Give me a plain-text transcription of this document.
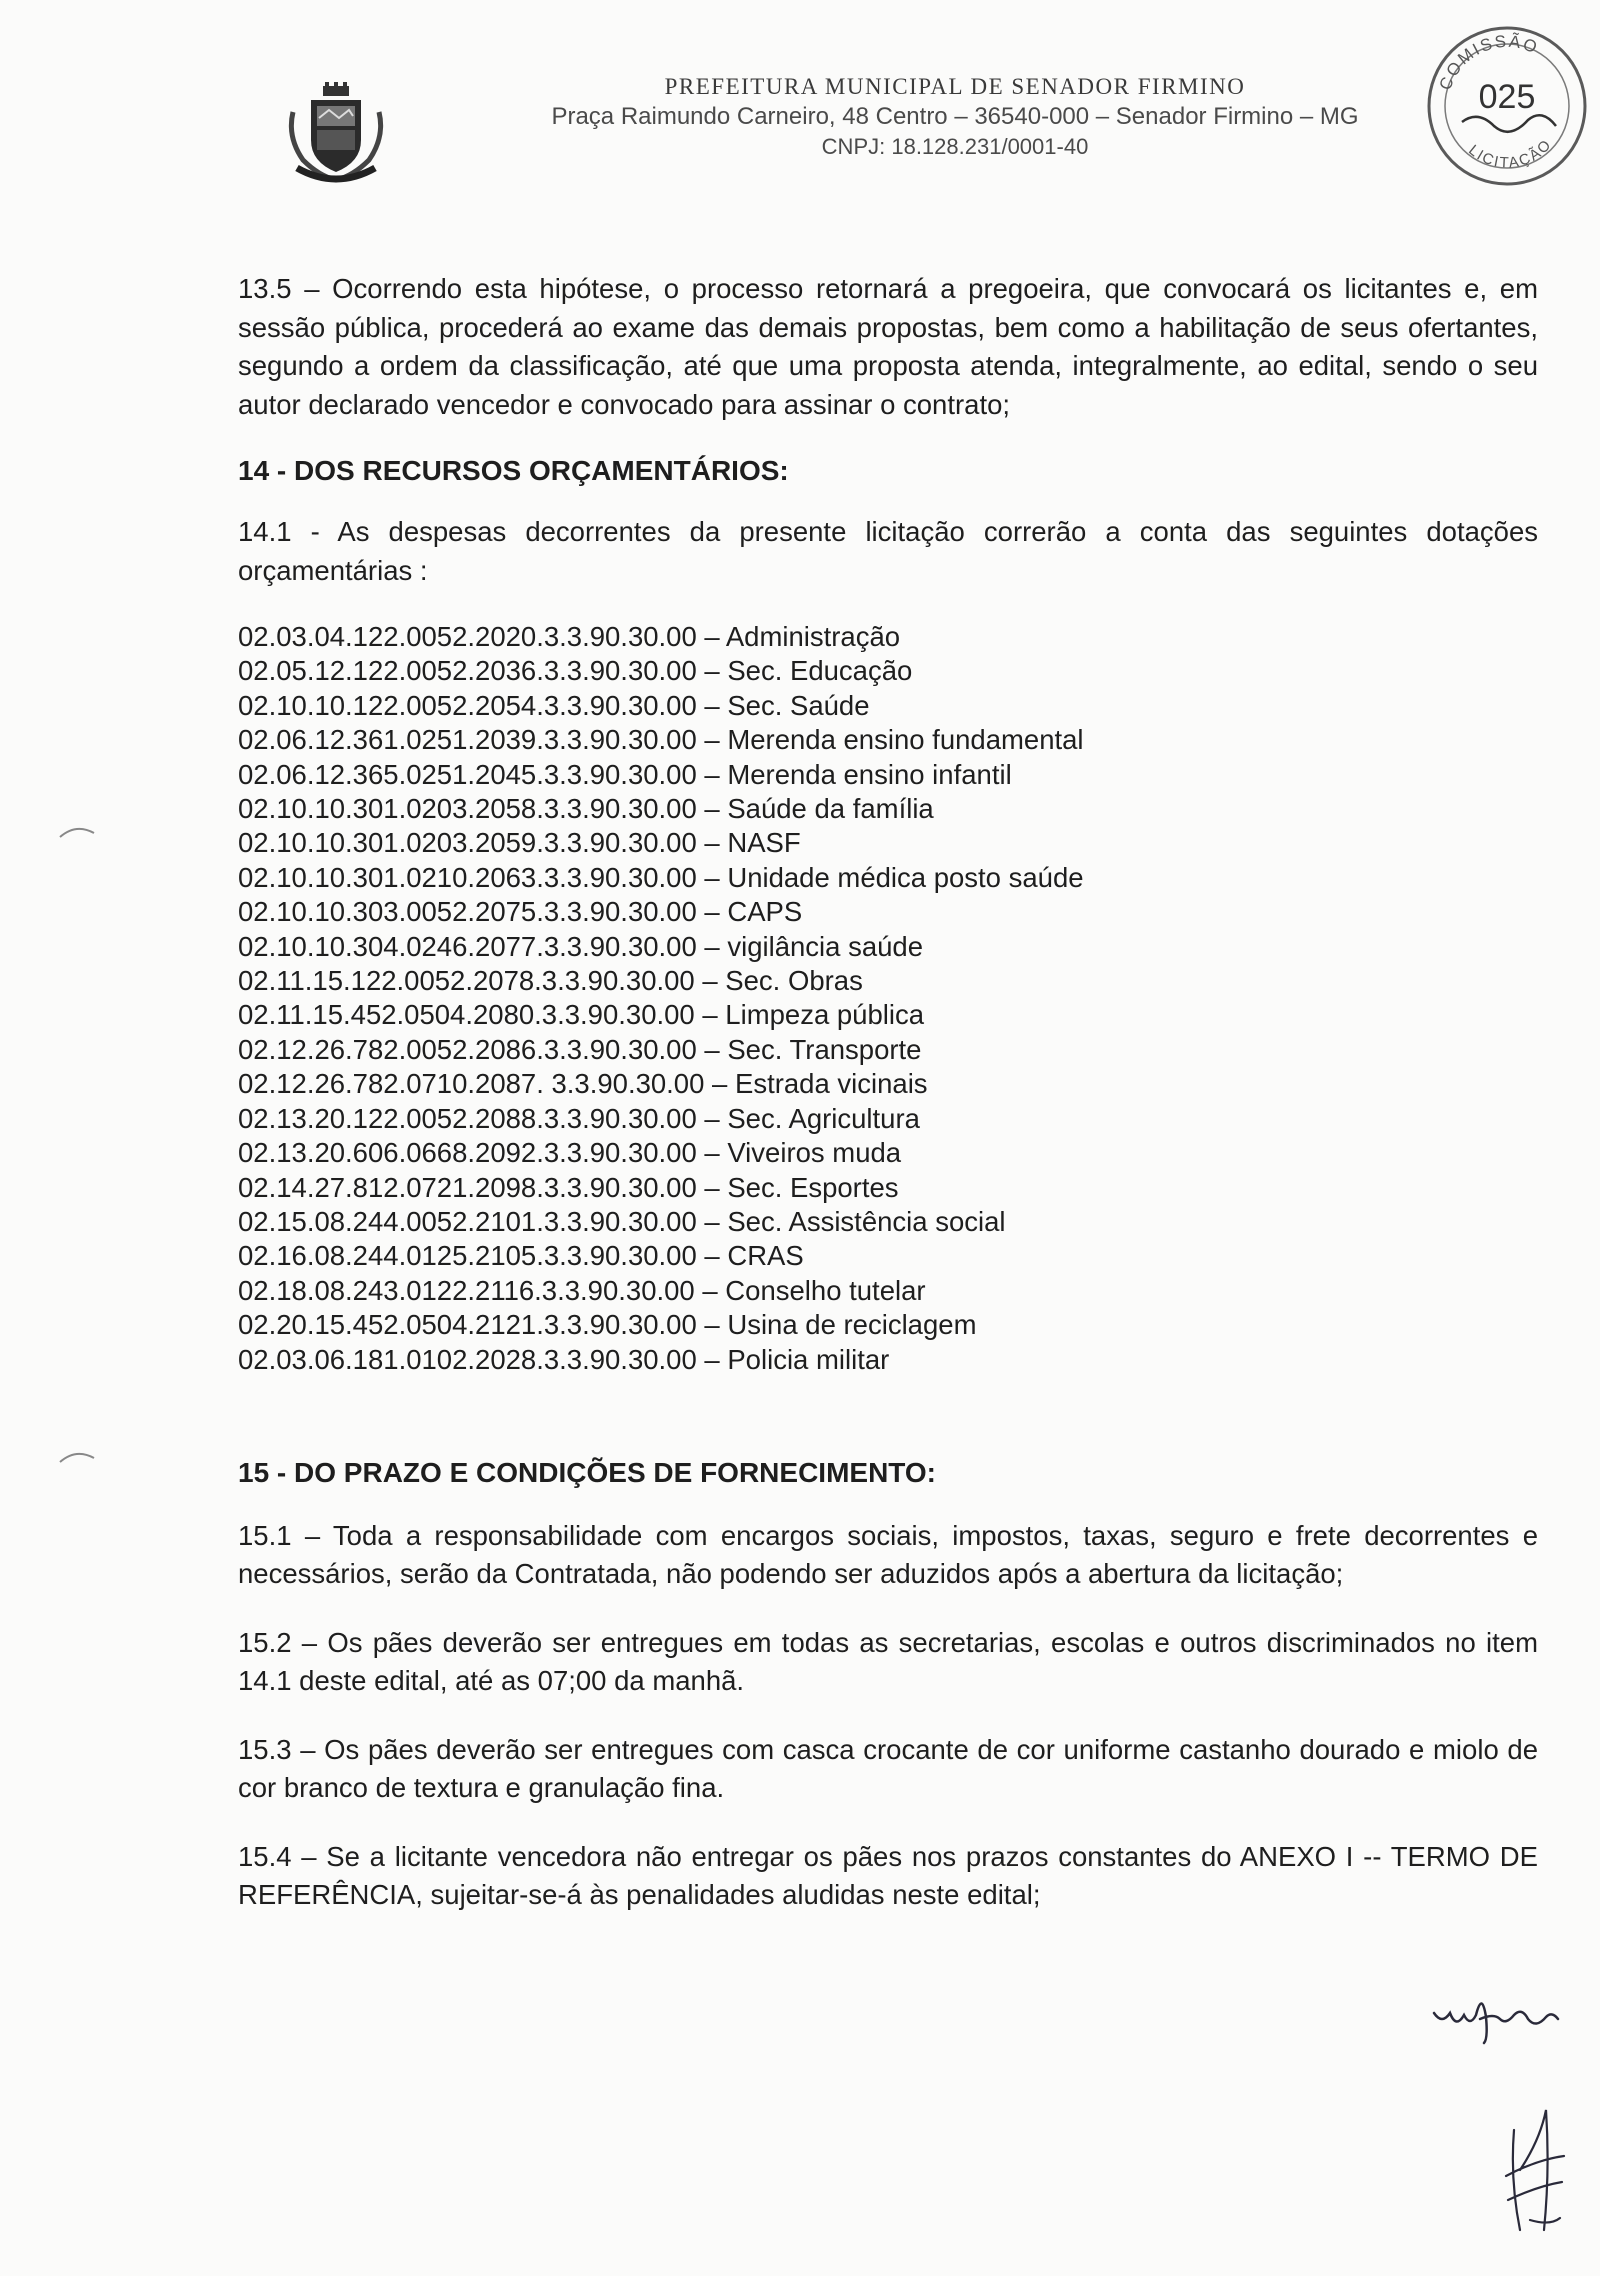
PREFEITURA MUNICIPAL DE SENADOR FIRMINO
Praça Raimundo Carneiro, 48 Centro – 36540-000 – Senador Firmino – MG
CNPJ: 18.128.231/0001-40
COMISSÃO
LICITAÇÃO
025

13.5 – Ocorrendo esta hipótese, o processo retornará a pregoeira, que convocará os licitantes e, em sessão pública, procederá ao exame das demais propostas, bem como a habilitação de seus ofertantes, segundo a ordem da classificação, até que uma proposta atenda, integralmente, ao edital, sendo o seu autor declarado vencedor e convocado para assinar o contrato;

14 - DOS RECURSOS ORÇAMENTÁRIOS:

14.1 - As despesas decorrentes da presente licitação correrão a conta das seguintes dotações orçamentárias :

02.03.04.122.0052.2020.3.3.90.30.00 – Administração
02.05.12.122.0052.2036.3.3.90.30.00 – Sec. Educação
02.10.10.122.0052.2054.3.3.90.30.00 – Sec. Saúde
02.06.12.361.0251.2039.3.3.90.30.00 – Merenda ensino fundamental
02.06.12.365.0251.2045.3.3.90.30.00 – Merenda ensino infantil
02.10.10.301.0203.2058.3.3.90.30.00 – Saúde da família
02.10.10.301.0203.2059.3.3.90.30.00 – NASF
02.10.10.301.0210.2063.3.3.90.30.00 – Unidade médica posto saúde
02.10.10.303.0052.2075.3.3.90.30.00 – CAPS
02.10.10.304.0246.2077.3.3.90.30.00 – vigilância saúde
02.11.15.122.0052.2078.3.3.90.30.00 – Sec. Obras
02.11.15.452.0504.2080.3.3.90.30.00 – Limpeza pública
02.12.26.782.0052.2086.3.3.90.30.00 – Sec. Transporte
02.12.26.782.0710.2087. 3.3.90.30.00 – Estrada vicinais
02.13.20.122.0052.2088.3.3.90.30.00 – Sec. Agricultura
02.13.20.606.0668.2092.3.3.90.30.00 – Viveiros muda
02.14.27.812.0721.2098.3.3.90.30.00 – Sec. Esportes
02.15.08.244.0052.2101.3.3.90.30.00 – Sec. Assistência social
02.16.08.244.0125.2105.3.3.90.30.00 – CRAS
02.18.08.243.0122.2116.3.3.90.30.00 – Conselho tutelar
02.20.15.452.0504.2121.3.3.90.30.00 – Usina de reciclagem
02.03.06.181.0102.2028.3.3.90.30.00 – Policia militar

15 - DO PRAZO E CONDIÇÕES DE FORNECIMENTO:

15.1 – Toda a responsabilidade com encargos sociais, impostos, taxas, seguro e frete decorrentes e necessários, serão da Contratada, não podendo ser aduzidos após a abertura da licitação;

15.2 – Os pães deverão ser entregues em todas as secretarias, escolas e outros discriminados no item 14.1 deste edital, até as 07;00 da manhã.

15.3 – Os pães deverão ser entregues com casca crocante de cor uniforme castanho dourado e miolo de cor branco de textura e granulação fina.

15.4 – Se a licitante vencedora não entregar os pães nos prazos constantes do ANEXO I -- TERMO DE REFERÊNCIA, sujeitar-se-á às penalidades aludidas neste edital;
